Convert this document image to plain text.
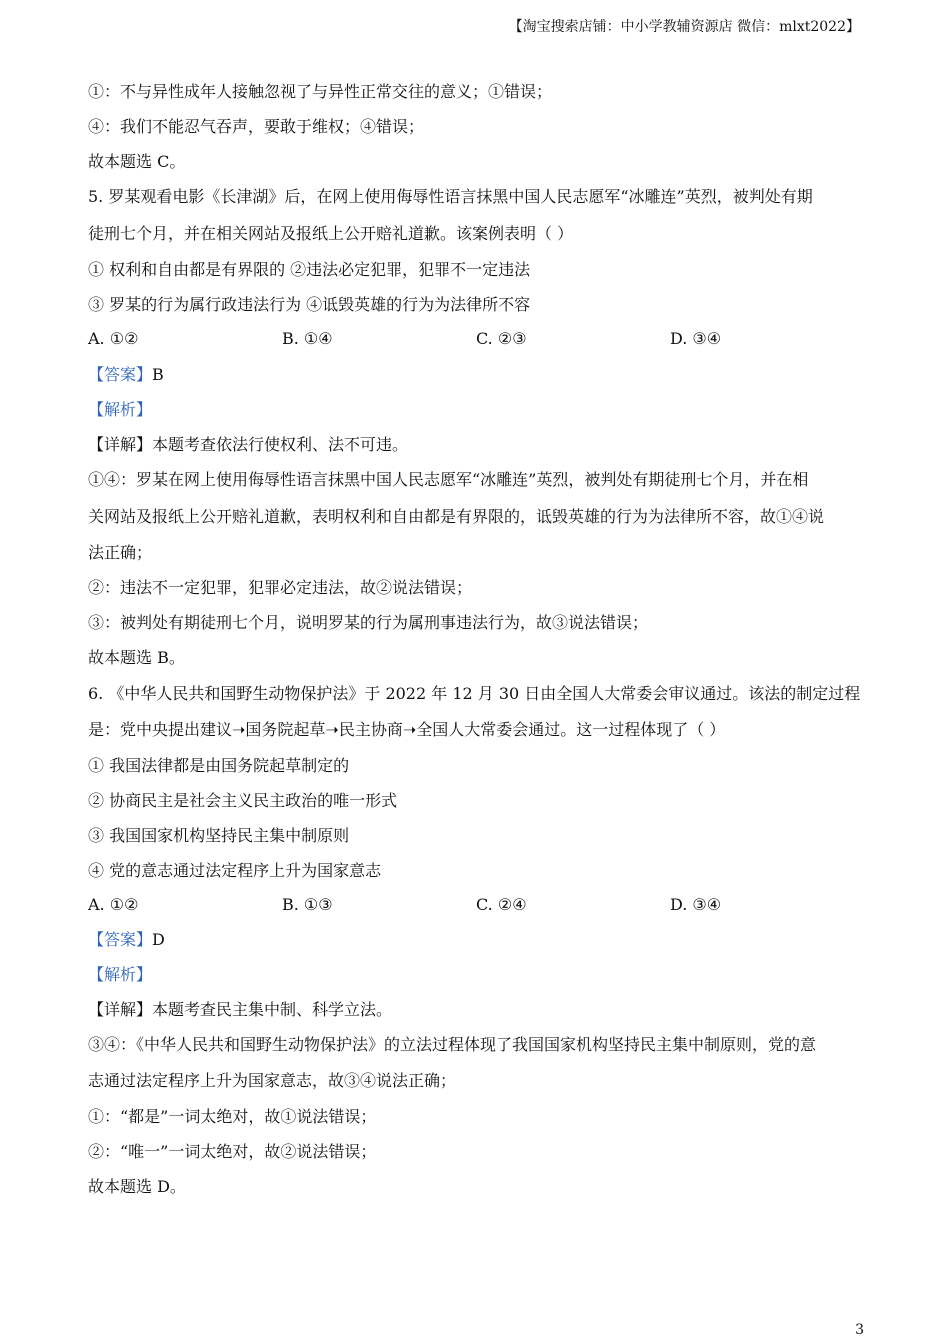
【淘宝搜索店铺：中小学教辅资源店 微信：mlxt2022】
①：不与异性成年人接触忽视了与异性正常交往的意义；①错误；
④：我们不能忍气吞声，要敢于维权；④错误；
故本题选 C。
5. 罗某观看电影《长津湖》后，在网上使用侮辱性语言抹黑中国人民志愿军“冰雕连”英烈，被判处有期
徒刑七个月，并在相关网站及报纸上公开赔礼道歉。该案例表明（ ）
① 权利和自由都是有界限的 ②违法必定犯罪，犯罪不一定违法
③ 罗某的行为属行政违法行为 ④诋毁英雄的行为为法律所不容
A. ①②	B. ①④	C. ②③	D. ③④
【答案】B
【解析】
【详解】本题考查依法行使权利、法不可违。
①④：罗某在网上使用侮辱性语言抹黑中国人民志愿军“冰雕连”英烈，被判处有期徒刑七个月，并在相
关网站及报纸上公开赔礼道歉，表明权利和自由都是有界限的，诋毁英雄的行为为法律所不容，故①④说
法正确；
②：违法不一定犯罪，犯罪必定违法，故②说法错误；
③：被判处有期徒刑七个月，说明罗某的行为属刑事违法行为，故③说法错误；
故本题选 B。
6. 《中华人民共和国野生动物保护法》于 2022 年 12 月 30 日由全国人大常委会审议通过。该法的制定过程
是：党中央提出建议➝国务院起草➝民主协商➝全国人大常委会通过。这一过程体现了（ ）
① 我国法律都是由国务院起草制定的
② 协商民主是社会主义民主政治的唯一形式
③ 我国国家机构坚持民主集中制原则
④ 党的意志通过法定程序上升为国家意志
A. ①②	B. ①③	C. ②④	D. ③④
【答案】D
【解析】
【详解】本题考查民主集中制、科学立法。
③④：《中华人民共和国野生动物保护法》的立法过程体现了我国国家机构坚持民主集中制原则，党的意
志通过法定程序上升为国家意志，故③④说法正确；
①：“都是”一词太绝对，故①说法错误；
②：“唯一”一词太绝对，故②说法错误；
故本题选 D。
3
